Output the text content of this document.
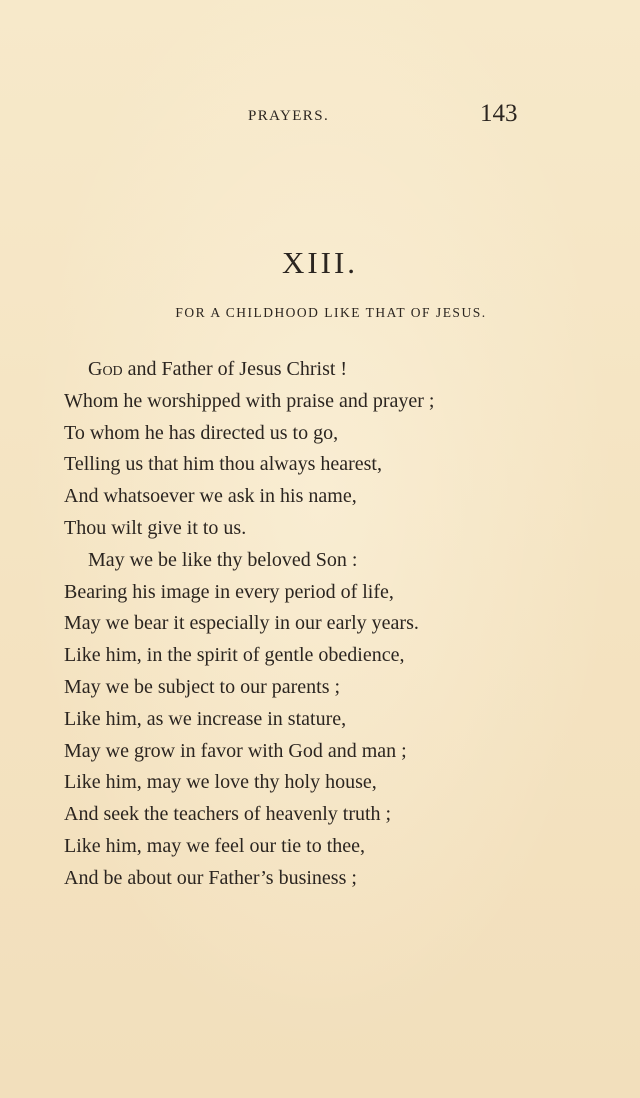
PRAYERS.	143
XIII.
FOR A CHILDHOOD LIKE THAT OF JESUS.
God and Father of Jesus Christ !
Whom he worshipped with praise and prayer ;
To whom he has directed us to go,
Telling us that him thou always hearest,
And whatsoever we ask in his name,
Thou wilt give it to us.
May we be like thy beloved Son :
Bearing his image in every period of life,
May we bear it especially in our early years.
Like him, in the spirit of gentle obedience,
May we be subject to our parents ;
Like him, as we increase in stature,
May we grow in favor with God and man ;
Like him, may we love thy holy house,
And seek the teachers of heavenly truth ;
Like him, may we feel our tie to thee,
And be about our Father’s business ;
